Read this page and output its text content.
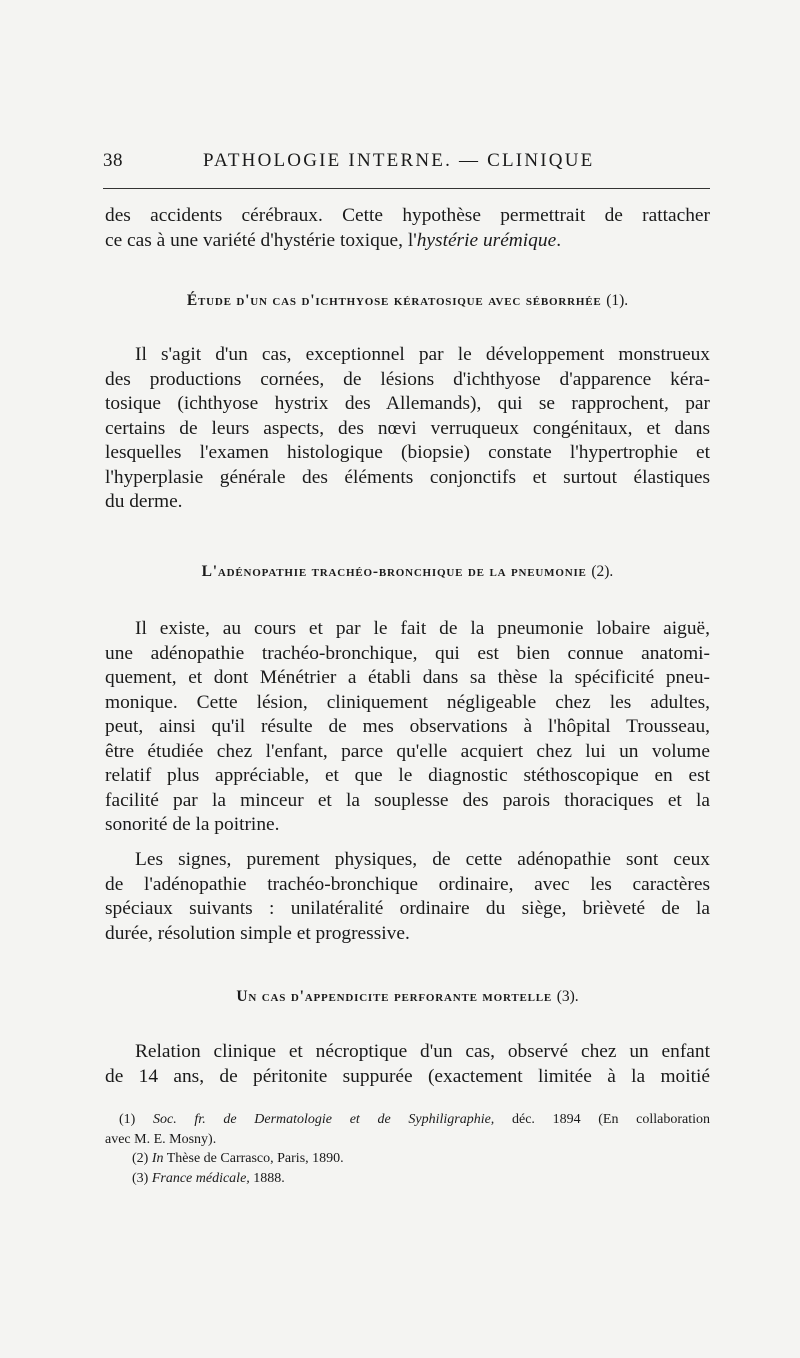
38	PATHOLOGIE INTERNE. — CLINIQUE
des accidents cérébraux. Cette hypothèse permettrait de rattacher
ce cas à une variété d'hystérie toxique, l'hystérie urémique.
Étude d'un cas d'ichthyose kératosique avec séborrhée (1).
Il s'agit d'un cas, exceptionnel par le développement monstrueux
des productions cornées, de lésions d'ichthyose d'apparence kéra-
tosique (ichthyose hystrix des Allemands), qui se rapprochent, par
certains de leurs aspects, des nœvi verruqueux congénitaux, et dans
lesquelles l'examen histologique (biopsie) constate l'hypertrophie et
l'hyperplasie générale des éléments conjonctifs et surtout élastiques
du derme.
L'adénopathie trachéo-bronchique de la pneumonie (2).
Il existe, au cours et par le fait de la pneumonie lobaire aiguë,
une adénopathie trachéo-bronchique, qui est bien connue anatomi-
quement, et dont Ménétrier a établi dans sa thèse la spécificité pneu-
monique. Cette lésion, cliniquement négligeable chez les adultes,
peut, ainsi qu'il résulte de mes observations à l'hôpital Trousseau,
être étudiée chez l'enfant, parce qu'elle acquiert chez lui un volume
relatif plus appréciable, et que le diagnostic stéthoscopique en est
facilité par la minceur et la souplesse des parois thoraciques et la
sonorité de la poitrine.
Les signes, purement physiques, de cette adénopathie sont ceux
de l'adénopathie trachéo-bronchique ordinaire, avec les caractères
spéciaux suivants : unilatéralité ordinaire du siège, brièveté de la
durée, résolution simple et progressive.
Un cas d'appendicite perforante mortelle (3).
Relation clinique et nécroptique d'un cas, observé chez un enfant
de 14 ans, de péritonite suppurée (exactement limitée à la moitié
(1) Soc. fr. de Dermatologie et de Syphiligraphie, déc. 1894 (En collaboration
avec M. E. Mosny).
(2) In Thèse de Carrasco, Paris, 1890.
(3) France médicale, 1888.
